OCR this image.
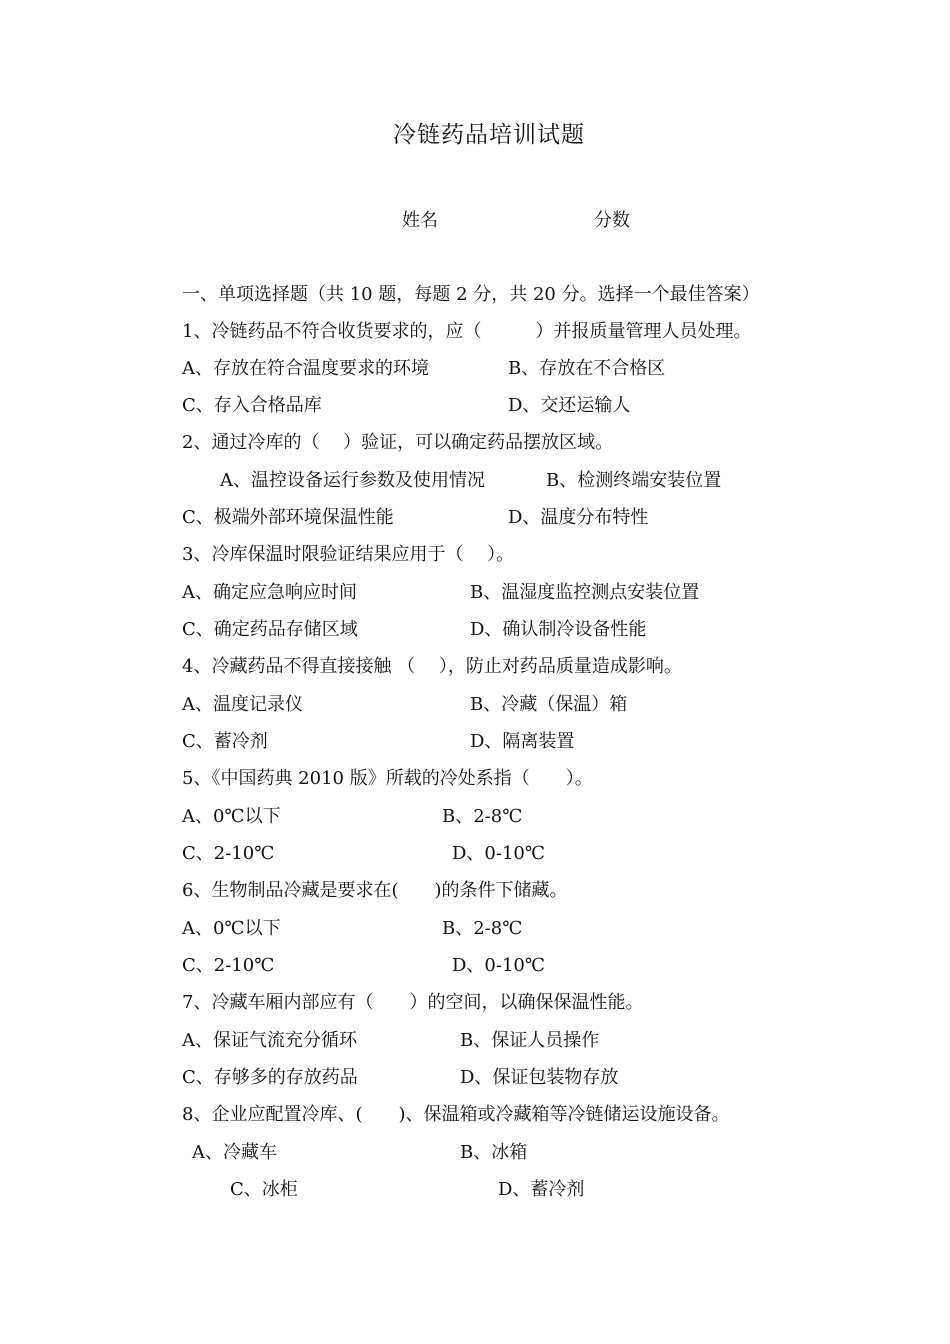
冷链药品培训试题
姓名	分数
一、单项选择题（共 10 题，每题 2 分，共 20 分。选择一个最佳答案）
1、冷链药品不符合收货要求的，应（　　　）并报质量管理人员处理。
A、存放在符合温度要求的环境	B、存放在不合格区
C、存入合格品库	D、交还运输人
2、通过冷库的（　 ）验证，可以确定药品摆放区域。
A、温控设备运行参数及使用情况	B、检测终端安装位置
C、极端外部环境保温性能	D、温度分布特性
3、冷库保温时限验证结果应用于（　 ）。
A、确定应急响应时间	B、温湿度监控测点安装位置
C、确定药品存储区域	D、确认制冷设备性能
4、冷藏药品不得直接接触 （　 ），防止对药品质量造成影响。
A、温度记录仪	B、冷藏（保温）箱
C、蓄冷剂	D、隔离装置
5、《中国药典 2010 版》所载的冷处系指（　　）。
A、0℃以下	B、2-8℃
C、2-10℃	D、0-10℃
6、生物制品冷藏是要求在(　　)的条件下储藏。
A、0℃以下	B、2-8℃
C、2-10℃	D、0-10℃
7、冷藏车厢内部应有（　　）的空间，以确保保温性能。
A、保证气流充分循环	B、保证人员操作
C、存够多的存放药品	D、保证包装物存放
8、企业应配置冷库、(　　)、保温箱或冷藏箱等冷链储运设施设备。
A、冷藏车	B、冰箱
C、冰柜	D、蓄冷剂
